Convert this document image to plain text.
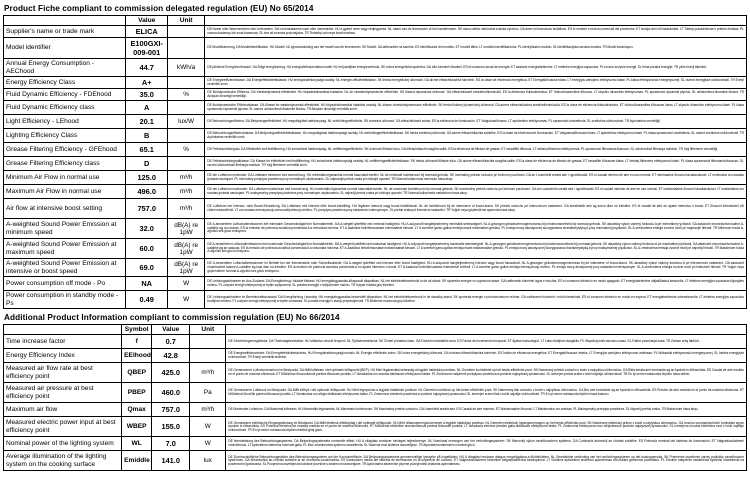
Product Fiche compliant to commission delegated regulation (EU) No 65/2014
	Value	Unit	
Supplier's name or trade mark	ELICA		DE Name oder Warenzeichen des Lieferanten. DA Leverandørens navn eller varemærke. HU a gyártó neve vagy védjegyzése. NL naam van de leverancier of het handelsmerk. SK názov alebo obchodná značka výrobcu. GA ainm nó branda an tsoláthraí. ES el nombre o marca comercial del proveedor. ET tarnija nimi või kaubamärk. LT Tiekėjo pavadinimas ir prekės ženklas. PL nazwa dostawcy lub znak towarowy. SL ime ali znamka proizvajalca. TR Tedarikçi adı veya ticari markası.
Model identifier	E100GXI-009-001		DE Modellkennung. DA Modelidentifikation. HU Modell. NL typeaanduiding van het model van de leverancier. SK Model. GA aitheantóir na samhla. ES identificador del modelo. ET mudeli tähis. LT modelio identifikatorius. PL identyfikator modelu. SL identifikacijska oznaka modela. TR Model tanımlayıcı.
Annual Energy Consumption - AEChood	44.7	kWh/a	DE jährliche Energieverbrauch. DA Årligt energiforbrug. HU energiafelhasználási modell. NL het jaarlijkse energieverbruik. SK ročná energetická spotreba. GA ídiú fuinnimh bliantúil. ES el consumo anual de energía. ET aastane energiatarbimine. LT metinės energijos sąnaudos. PL roczne zużycie energii. SL letna poraba energije. TR yıllık enerji tüketimi.
Energy Efficiency Class	A+		DE Energieeffizienzklasse. DA Energieffektivitetsklasse. HU energiahatékonysági osztály. NL energie-efficiëntieklasse. SK trieda energetickej účinnosti. GA aicme éifeachtúlachta fuinnimh. ES la clase de eficiencia energética. ET Energiatõhususe klass. LT energijos vartojimo efektyvumo klasė. PL klasa efektywności energetycznej. SL razred energijske učinkovitosti. TR Enerji verimlilik sınıfı.
Fluid Dynamic Efficiency - FDEhood	35.0	%	DE fluiddynamische Effizienz. DA Væskedynamisk effektivitet. HU folyadékdinamikai hatásfok. NL de vloeistofdynamische efficiëntie. SK fluidná dynamická účinnosť. GA éifeachtúlacht shreabhdhinimiciúil. ES la eficiencia fluidodinámica. ET hüdrodünaamiline tõhusus. LT skysčio dinaminis efektyvumas. PL sprawność dynamiki płynów. SL učinkovitost dinamike fluidov. TR Akışkan dinamiği verimliliği.
Fluid Dynamic Efficiency class	A		DE fluiddynamische Effizienzklasse. DA Klasse for væskedynamisk effektivitet. HU folyadékdinamikai hatásfok osztály. NL klasse vloeistofdynamische efficiëntie. SK trieda fluidnej dynamickej účinnosti. GA aicme éifeachtúlachta sreabhdhinimiciúla. ES la clase de eficiencia fluidodinámica. ET hüdrodünaamilise tõhususe klass. LT skysčio dinaminio efektyvumo klasė. PL klasa sprawności dynamiki płynów. SL razred učinkovitosti dinamike fluidov. TR Akışkan dinamiği verimlilik sınıfı.
Light Efficiency - LEhood	20.1	lux/W	DE Beleuchtungseffizienz. DA Belysningseffektivitet. HU megvilágítási hatékonyság. NL verlichtingsefficiëntie. SK svetelná účinnosť. GA éifeachtúlacht solais. ES la eficiencia de iluminación. ET Valgustustõhusus. LT apšvietimo efektyvumas. PL sprawność oświetlenia. SL svetlobna učinkovitost. TR Aydınlatma verimliliği.
Lighting Efficiency Class	B		DE Beleuchtungseffizienzklasse. DA Belysningseffektivitetsklasse. HU megvilágítási hatékonysági osztály. NL verlichtingsefficiëntieklasse. SK trieda svetelnej účinnosti. GA aicme éifeachtúlachta soilsithe. ES la clase de eficiencia de iluminación. ET Valgustustõhususe klass. LT apšvietimo efektyvumo klasė. PL klasa sprawności oświetlenia. SL razred svetlobne učinkovitosti. TR Aydınlatma verimlilik sınıfı.
Grease Filtering Efficiency - GFEhood	65.1	%	DE Fettabscheidegrad. DA Effektivitet ved fedtfiltrering. HU zsírszűrési hatékonyság. NL vetfilteringsefficiëntie. SK účinnosť filtrácie tuku. GA éifeachtúlacht scagtha saille. ES la eficiencia de filtrado de grasas. ET rasvafiltri tõhusus. LT riebalų filtravimo efektyvumas. PL sprawność filtrowania tłuszczu. SL učinkovitost filtriranja maščob. TR Yağ filtreleme verimliliği.
Grease Filtering Efficiency class	D		DE Fettabscheidegradklasse. DA Klasse for effektivitet ved fedtfiltrering. HU zsírszűrési hatékonysági osztály. NL vetfilteringsefficiëntieklasse. SK trieda účinnosti filtrácie tuku. GA aicme éifeachtúlachta scagtha saille. ES la clase de eficiencia de filtrado de grasas. ET rasvafiltri tõhususe klass. LT riebalų filtravimo efektyvumo klasė. PL klasa sprawności filtrowania tłuszczu. SL razred učinkovitosti filtriranja maščob. TR Yağ filtreleme verimlilik sınıfı.
Minimum Air Flow in normal use	125.0	m³/h	DE der Luftstrom minimaler. DA Luftstrøm minimum ved normal brug. HU minimális légáramlás normál használat esetén. NL de minimale luchtstroom bij normaal gebruik. SK minimálny prietok vzduchu pri bežnom používaní. GA an t-íosmhéid sreafa aeir i ngnáthúsáid. ES el caudal mínimo de aire en uso normal. ET minimaalne õhuvool tavakasutusel. LT minimalus oro srautas įprastai naudojant. PL minimalny przepływ powietrza przy normalnym użytkowaniu. SL najmanjši pretok zraka pri običajni uporabi. TR Normal kullanımda minimum hava akışı.
Maximum Air Flow in normal use	496.0	m³/h	DE der Luftstrom maximaler. DA Luftstrøm maksimum ved normal brug. HU maximális légáramlás normál használat esetén. NL de maximale luchtstroom bij normaal gebruik. SK maximálny prietok vzduchu pri bežnom používaní. GA an t-uasmhéid sreafa aeir i ngnáthúsáid. ES el caudal máximo de aire en uso normal. ET maksimaalne õhuvool tavakasutusel. LT maksimalus oro srautas įprastai naudojant. PL maksymalny przepływ powietrza przy normalnym użytkowaniu. SL največji pretok zraka pri običajni uporabi. TR Normal kullanımda maksimum hava akışı.
Air flow at intensive boost setting	757.0	m³/h	DE Luftstrom bei Intensiv- oder Boost-Einstellung. DA Luftstrøm ved intensiv eller boost-indstilling. HU légáram intenzív vagy boost beállításnál. NL de luchtstroom bij de intensieve of boost-stand. SK prietok vzduchu pri intenzívnom nastavení. GA sreabhadh aeir ag socrú dian nó treisithe. ES el caudal de aire en ajuste intensivo o boost. ET õhuvool intensiivsel või võimendusrežiimil. LT oro srautas intensyviuoju arba sustiprintuoju režimu. PL przepływ powietrza przy ustawieniu intensywnym. SL pretok zraka pri intenzivni nastavitvi. TR Yoğun veya güçlendirme ayarında hava akışı.
A-weighted Sound Power Emission at minimum speed	32.0	dB(A) re 1pW	DE A-bewerteten Luftschallemissionen bei minimaler Geschwindigkeit im Normalbetrieb. DA A-vægtet lydeffekt ved minimal hastighed. HU A-súlyozott hangteljesítmény minimális sebességnél. NL A-gewogen geluidsvermogensniveau bij minimumsnelheid bij normaal gebruik. SK akustický výkon vážený funkciou A pri minimálnej rýchlosti. GA astaíocht chumhachta fuaime A-ualaithe ag an íosluas. ES la emisión de potencia acústica ponderada A a velocidad mínima. ET A-kaalutud helivõimsustase minimaalsel kiirusel. LT A svertinė garso galios emisija esant minimaliam greičiui. PL emisja mocy akustycznej skorygowana charakterystyką A przy minimalnej prędkości. SL A-vrednotena emisija zvočne moči pri najmanjši hitrosti. TR Minimum hızda A-ağırlıklı ses gücü emisyonu.
A-weighted Sound Power Emission at maximum speed	60.0	dB(A) re 1pW	DE A-bewerteten Luftschallemissionen bei maximaler Geschwindigkeit im Normalbetrieb. DA A-vægtet lydeffekt ved maksimal hastighed. HU A-súlyozott hangteljesítmény maximális sebességnél. NL A-gewogen geluidsvermogensniveau bij maximumsnelheid bij normaal gebruik. SK akustický výkon vážený funkciou A pri maximálnej rýchlosti. GA astaíocht chumhachta fuaime A-ualaithe ag an uasluas. ES la emisión de potencia acústica ponderada A a velocidad máxima. ET A-kaalutud helivõimsustase maksimaalsel kiirusel. LT A svertinė garso galios emisija esant maksimaliam greičiui. PL emisja mocy akustycznej skorygowana charakterystyką A przy maksymalnej prędkości. SL A-vrednotena emisija zvočne moči pri največji hitrosti. TR Maksimum hızda A-ağırlıklı ses gücü emisyonu.
A-weighted Sound Power Emission at intensive or boost speed	69.0	dB(A) re 1pW	DE A-bewerteten Luftschallemissionen im Betrieb bei der Intensivstufe oder Schnelllaufstufe. DA A-vægtet lydeffekt ved intensiv eller boost hastighed. HU A-súlyozott hangteljesítmény intenzív vagy boost fokozatnál. NL A-gewogen geluidsvermogensniveau bij de intensieve of boost-stand. SK akustický výkon vážený funkciou A pri intenzívnom nastavení. GA astaíocht chumhachta fuaime A-ualaithe ag luas dian nó treisithe. ES la emisión de potencia acústica ponderada A en ajuste intensivo o boost. ET A-kaalutud helivõimsustase intensiivsel režiimil. LT A svertinė garso galios emisija intensyviuoju režimu. PL emisja mocy akustycznej przy ustawieniu intensywnym. SL A-vrednotena emisija zvočne moči pri intenzivni hitrosti. TR Yoğun veya güçlendirme hızında A-ağırlıklı ses gücü emisyonu.
Power consumption off mode - Po	NA	W	DE Leistungsaufnahme im Aus-Zustand. DA Energiforbrug i slukket tilstand. HU energiafogyasztás kikapcsolt állapotban. NL het elektriciteitsverbruik in de uit-stand. SK spotreba energie vo vypnutom stave. GA caitheamh fuinnimh agus é múchta. ES el consumo eléctrico en modo apagado. ET energiatarbimine väljalülitatud seisundis. LT elektros energijos sąnaudos išjungties režimu. PL zużycie energii elektrycznej w trybie wyłączenia. SL poraba energije v izključenem načinu. TR Kapalı modda güç tüketimi.
Power consumption in standby mode - Ps	0.49	W	DE Leistungsaufnahme im Bereitschaftszustand. DA Energiforbrug i standby. HU energiafogyasztás készenléti állapotban. NL het elektriciteitsverbruik in de standby-stand. SK spotreba energie v pohotovostnom režime. GA caitheamh fuinnimh i mód fuireachais. ES el consumo eléctrico en modo en espera. ET energiatarbimine ooteseisundis. LT elektros energijos sąnaudos budėjimo režimu. PL zużycie energii elektrycznej w trybie czuwania. SL poraba energije v stanju pripravljenosti. TR Bekleme modunda güç tüketimi.
Additional Product Information compliant to commission regulation (EU) No 66/2014
	Symbol	Value	Unit	
Time increase factor	f	0.7		DE Zeitverlängerungsfaktor. DA Tidsforøgelsesfaktor. HU időfaktor-növelő tényező. NL Tijdtoenamefactor. SK Činiteľ prírastku času. GA Fachtóir méadaithe ama. ES Factor de incremento temporal. ET Ajalise kasvuteguri. LT Laiko didėjimo daugiklis. PL Współczynnik wzrostu czasu. SL Faktor povečanja časa. TR Zaman artış faktörü.
Energy Efficiency Index	EEIhood	42.8		DE Energieeffizienzindex. DA Energieffektivitetsindeks. HU Energiahatékonysági mutató. NL Energie-efficiëntie-index. SK Index energetickej účinnosti. GA Innéacs éifeachtúlachta fuinnimh. ES Índice de eficiencia energética. ET Energiatõhususe indeks. LT Energijos vartojimo efektyvumo indeksas. PL Wskaźnik efektywności energetycznej. SL Indeks energijske učinkovitosti. TR Enerji verimlilik endeksi.
Measured air flow rate at best efficiency point	QBEP	425.0	m³/h	DE Gemessener Luftvolumenstrom im Bestpunkt. DA Målt luftstrøm i det optimale driftspunkt (BEP). HU Mért légáramlási sebesség a legjobb hatásfokú pontban. NL Gemeten luchtdebiet op het beste-efficiëntie-punt. SK Nameraný prietok vzduchu v bode s najvyššou účinnosťou. GA Ráta sreafa aeir tomhaiste ag an bpointe is éifeachtúla. ES Caudal de aire medido en el punto de máxima eficiencia. ET Mõõdetud õhuvooluhulk parima tõhususe punktis. LT Išmatuotas oro srautas didžiausio efektyvumo taške. PL Zmierzone natężenie przepływu powietrza w punkcie najwyższej sprawności. SL Izmerjen pretok zraka v točki najvišje učinkovitosti. TR En iyi verim noktasında ölçülen hava debisi.
Measured air pressure at best efficiency point	PBEP	460.0	Pa	DE Gemessener Luftdruck im Bestpunkt. DA Målt lufttryk i det optimale driftspunkt. HU Mért légnyomás a legjobb hatásfokú pontban. NL Gemeten luchtdruk op het beste-efficiëntie-punt. SK Nameraný tlak vzduchu v bode s najvyššou účinnosťou. GA Brú aeir tomhaiste ag an bpointe is éifeachtúla. ES Presión de aire medida en el punto de máxima eficiencia. ET Mõõdetud õhurõhk parima tõhususe punktis. LT Išmatuotas oro slėgis didžiausio efektyvumo taške. PL Zmierzone ciśnienie powietrza w punkcie najwyższej sprawności. SL Izmerjen zračni tlak v točki najvišje učinkovitosti. TR En iyi verim noktasında ölçülen hava basıncı.
Maximum air flow	Qmax	757.0	m³/h	DE Maximaler Luftstrom. DA Maksimal luftstrøm. HU Maximális légáramlás. NL Maximale luchtstroom. SK Maximálny prietok vzduchu. GA Uasmhéid sreafa aeir. ES Caudal de aire máximo. ET Maksimaalne õhuvool. LT Maksimalus oro srautas. PL Maksymalny przepływ powietrza. SL Največji pretok zraka. TR Maksimum hava akışı.
Measured electric power input at best efficiency point	WBEP	155.0	W	DE Gemessene elektrische Eingangsleistung im Bestpunkt. DA Målt elektrisk effektoptag i det optimale driftspunkt. HU Mért villamosenergia-bemenet a legjobb hatásfokú pontban. NL Gemeten elektrisch ingangsvermogen op het beste-efficiëntie-punt. SK Nameraný elektrický príkon v bode s najvyššou účinnosťou. GA Ionchur cumhachta leictrí tomhaiste ag an bpointe is éifeachtúla. ES Potencia eléctrica de entrada medida en el punto de máxima eficiencia. ET Mõõdetud elektriline sisendvõimsus parima tõhususe punktis. LT Išmatuota elektros įvesties galia didžiausio efektyvumo taške. PL Zmierzona elektryczna moc wejściowa w punkcie najwyższej sprawności. SL Izmerjena vhodna električna moč v točki najvišje učinkovitosti. TR En iyi verim noktasında ölçülen elektrik giriş gücü.
Nominal power of the lighting system	WL	7.0	W	DE Nennleistung des Beleuchtungssystems. DA Belysningssystemets nominelle effekt. HU A világítási rendszer névleges teljesítménye. NL Nominaal vermogen van het verlichtingssysteem. SK Menovitý výkon osvetľovacieho systému. GA Cumhacht ainmniúil an chórais soilsithe. ES Potencia nominal del sistema de iluminación. ET Valgustussüsteemi nimivõimsus. LT Apšvietimo sistemos nominali galia. PL Moc znamionowa systemu oświetlenia. SL Nazivna moč sistema razsvetljave. TR Aydınlatma sisteminin nominal gücü.
Average illumination of the lighting system on the cooking surface	Emiddle	141.0	lux	DE Durchschnittliche Beleuchtungsstärke des Beleuchtungssystems auf der Kochoberfläche. DA Belysningssystemets gennemsnitlige lysstyrke på kogefladen. HU A világítási rendszer átlagos megvilágítása a főzőfelületen. NL Gemiddelde verlichting van het verlichtingssysteem op het kookoppervlak. SK Priemerné osvetlenie varnej podložky osvetľovacím systémom. GA Meánsoilsiú an chórais soilsithe ar an dromchla cócaireachta. ES Iluminación media del sistema de iluminación en la superficie de cocción. ET Valgustussüsteemi keskmine valgustustihedus keedupinnal. LT Vidutinis apšvietimo sistemos apšvietimas ant maisto gaminimo paviršiaus. PL Średnie natężenie oświetlenia systemu oświetlenia na powierzchni gotowania. SL Povprečna osvetljenost kuhalne površine s sistemom razsvetljave. TR Aydınlatma sisteminin pişirme yüzeyindeki ortalama aydınlatması.
